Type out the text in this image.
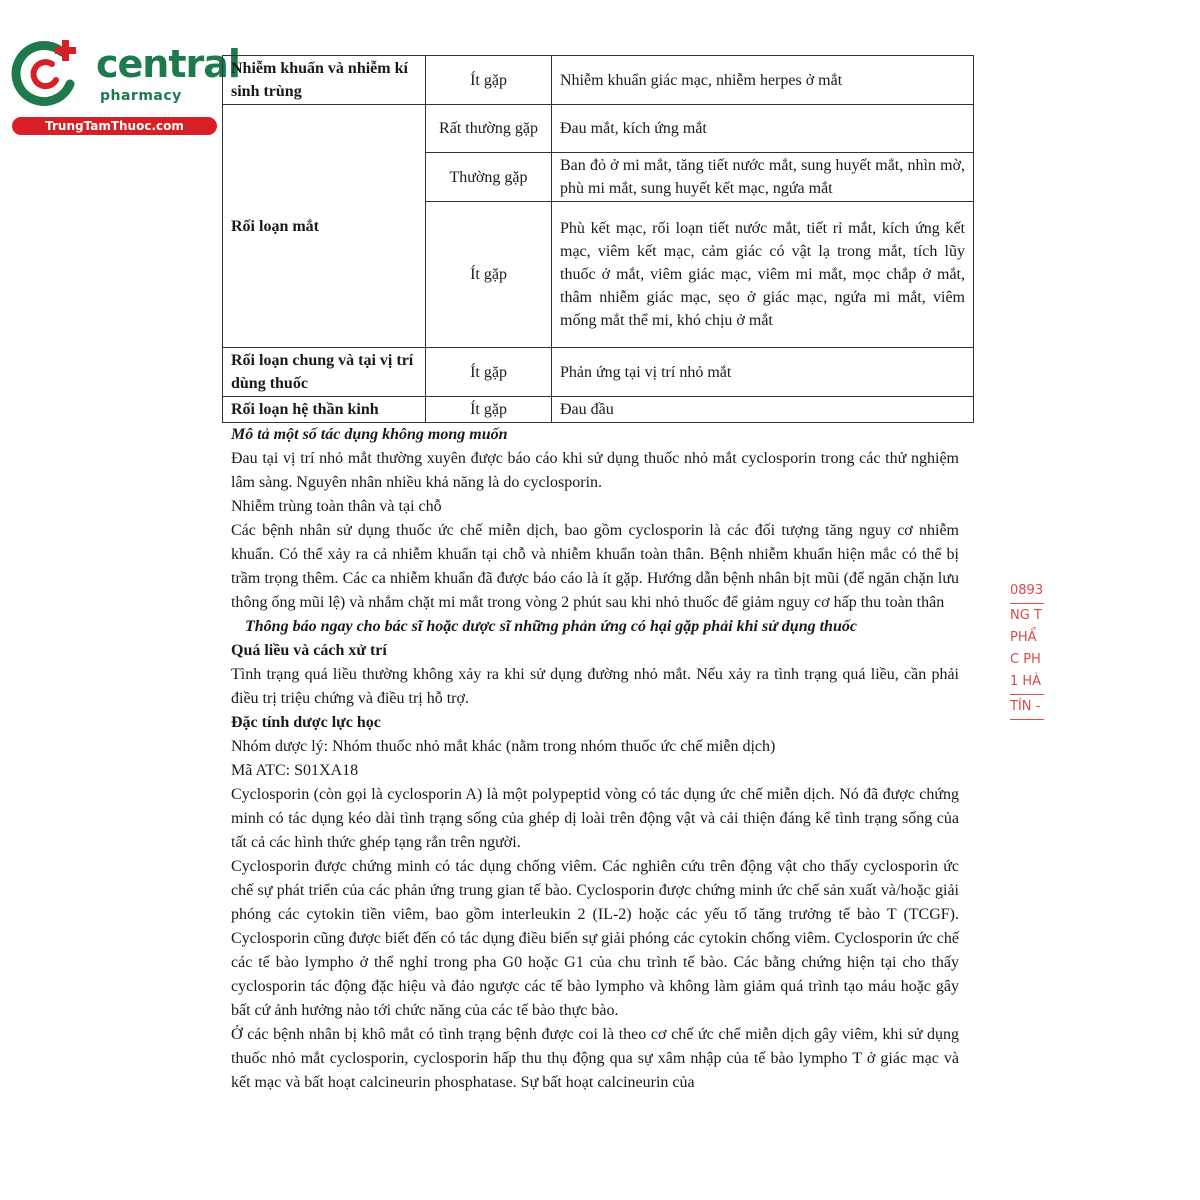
central
pharmacy
TrungTamThuoc.com
Nhiễm khuẩn và nhiễm kí sinh trùng	Ít gặp	Nhiễm khuẩn giác mạc, nhiễm herpes ở mắt
Rối loạn mắt	Rất thường gặp	Đau mắt, kích ứng mắt
	Thường gặp	Ban đỏ ở mi mắt, tăng tiết nước mắt, sung huyết mắt, nhìn mờ, phù mi mắt, sung huyết kết mạc, ngứa mắt
	Ít gặp	Phù kết mạc, rối loạn tiết nước mắt, tiết rỉ mắt, kích ứng kết mạc, viêm kết mạc, cảm giác có vật lạ trong mắt, tích lũy thuốc ở mắt, viêm giác mạc, viêm mi mắt, mọc chắp ở mắt, thâm nhiễm giác mạc, sẹo ở giác mạc, ngứa mi mắt, viêm mống mắt thể mi, khó chịu ở mắt
Rối loạn chung và tại vị trí dùng thuốc	Ít gặp	Phản ứng tại vị trí nhỏ mắt
Rối loạn hệ thần kinh	Ít gặp	Đau đầu

Mô tả một số tác dụng không mong muốn

Đau tại vị trí nhỏ mắt thường xuyên được báo cáo khi sử dụng thuốc nhỏ mắt cyclosporin trong các thử nghiệm lâm sàng. Nguyên nhân nhiều khả năng là do cyclosporin.

Nhiễm trùng toàn thân và tại chỗ

Các bệnh nhân sử dụng thuốc ức chế miễn dịch, bao gồm cyclosporin là các đối tượng tăng nguy cơ nhiễm khuẩn. Có thể xảy ra cả nhiễm khuẩn tại chỗ và nhiễm khuẩn toàn thân. Bệnh nhiễm khuẩn hiện mắc có thể bị trầm trọng thêm. Các ca nhiễm khuẩn đã được báo cáo là ít gặp. Hướng dẫn bệnh nhân bịt mũi (để ngăn chặn lưu thông ống mũi lệ) và nhắm chặt mi mắt trong vòng 2 phút sau khi nhỏ thuốc để giảm nguy cơ hấp thu toàn thân

Thông báo ngay cho bác sĩ hoặc dược sĩ những phản ứng có hại gặp phải khi sử dụng thuốc

Quá liều và cách xử trí

Tình trạng quá liều thường không xảy ra khi sử dụng đường nhỏ mắt. Nếu xảy ra tình trạng quá liều, cần phải điều trị triệu chứng và điều trị hỗ trợ.

Đặc tính dược lực học

Nhóm dược lý: Nhóm thuốc nhỏ mắt khác (nằm trong nhóm thuốc ức chế miễn dịch)

Mã ATC: S01XA18

Cyclosporin (còn gọi là cyclosporin A) là một polypeptid vòng có tác dụng ức chế miễn dịch. Nó đã được chứng minh có tác dụng kéo dài tình trạng sống của ghép dị loài trên động vật và cải thiện đáng kể tình trạng sống của tất cả các hình thức ghép tạng rắn trên người.

Cyclosporin được chứng minh có tác dụng chống viêm. Các nghiên cứu trên động vật cho thấy cyclosporin ức chế sự phát triển của các phản ứng trung gian tế bào. Cyclosporin được chứng minh ức chế sản xuất và/hoặc giải phóng các cytokin tiền viêm, bao gồm interleukin 2 (IL-2) hoặc các yếu tố tăng trưởng tế bào T (TCGF). Cyclosporin cũng được biết đến có tác dụng điều biến sự giải phóng các cytokin chống viêm. Cyclosporin ức chế các tế bào lympho ở thể nghỉ trong pha G0 hoặc G1 của chu trình tế bào. Các bằng chứng hiện tại cho thấy cyclosporin tác động đặc hiệu và đảo ngược các tế bào lympho và không làm giảm quá trình tạo máu hoặc gây bất cứ ảnh hưởng nào tới chức năng của các tế bào thực bào.

Ở các bệnh nhân bị khô mắt có tình trạng bệnh được coi là theo cơ chế ức chế miễn dịch gây viêm, khi sử dụng thuốc nhỏ mắt cyclosporin, cyclosporin hấp thu thụ động qua sự xâm nhập của tế bào lympho T ở giác mạc và kết mạc và bất hoạt calcineurin phosphatase. Sự bất hoạt calcineurin của

0893
NG T
PHẨ
C PH
1 HÀ
TÍN -
